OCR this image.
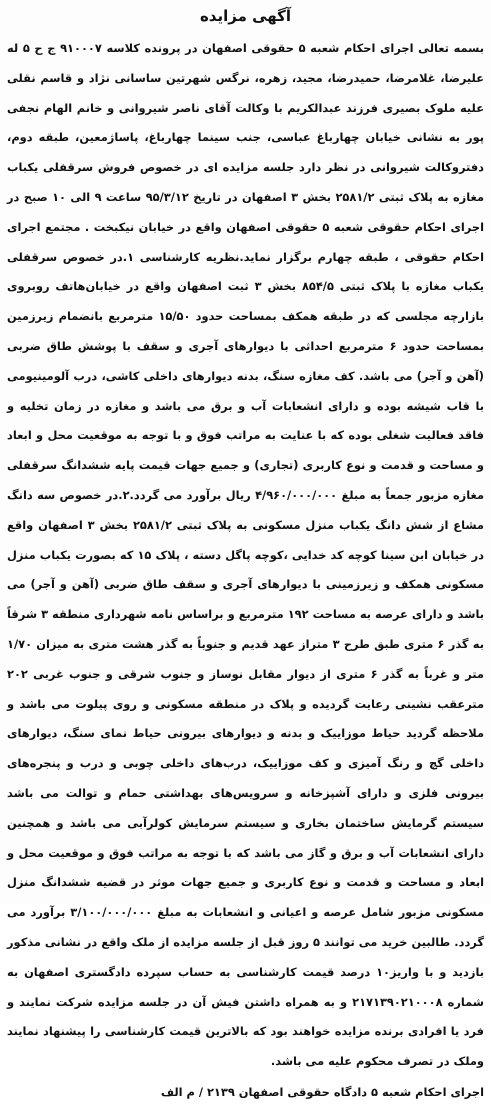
آگهی مزایده

بسمه تعالی اجرای احکام شعبه ۵ حقوقی اصفهان در پرونده کلاسه ۹۱۰۰۰۷ ج ح ۵ له علیرضا، غلامرضا، حمیدرضا، مجید، زهره، نرگس شهرتین ساسانی نژاد و قاسم نقلی علیه ملوک بصیری فرزند عبدالکریم با وکالت آقای ناصر شیروانی و خانم الهام نجفی پور به نشانی خیابان چهارباغ عباسی، جنب سینما چهارباغ، پاساژمعین، طبقه دوم، دفتروکالت شیروانی در نظر دارد جلسه مزایده ای در خصوص فروش سرقفلی یکباب مغازه به پلاک ثبتی ۲۵۸۱/۲ بخش ۳ اصفهان در تاریخ ۹۵/۳/۱۲ ساعت ۹ الی ۱۰ صبح در اجرای احکام حقوقی شعبه ۵ حقوقی اصفهان واقع در خیابان نیکبخت . مجتمع اجرای احکام حقوقی ، طبقه چهارم برگزار نماید.نظریه کارشناسی ۱.در خصوص سرقفلی یکباب مغازه با پلاک ثبتی ۸۵۴/۵ بخش ۳ ثبت اصفهان واقع در خیابان‌هاتف روبروی بازارچه مجلسی که در طبقه همکف بمساحت حدود ۱۵/۵۰ مترمربع بانضمام زیرزمین بمساحت حدود ۶ مترمربع احداثی با دیوارهای آجری و سقف با پوشش طاق ضربی (آهن و آجر) می باشد. کف مغازه سنگ، بدنه دیوارهای داخلی کاشی، درب آلومینیومی با قاب شیشه بوده و دارای انشعابات آب و برق می باشد و مغازه در زمان تخلیه و فاقد فعالیت شغلی بوده که با عنایت به مراتب فوق و با توجه به موقعیت محل و ابعاد و مساحت و قدمت و نوع کاربری (تجاری) و جمیع جهات قیمت پایه ششدانگ سرقفلی مغازه مزبور جمعاً به مبلغ ۴/۹۶۰/۰۰۰/۰۰۰ ریال برآورد می گردد.۲.در خصوص سه دانگ مشاع از شش دانگ یکباب منزل مسکونی به پلاک ثبتی ۲۵۸۱/۲ بخش ۳ اصفهان واقع در خیابان ابن سینا کوچه کد خدایی ،کوچه پاگل دسته ، پلاک ۱۵ که بصورت یکباب منزل مسکونی همکف و زیرزمینی با دیوارهای آجری و سقف طاق ضربی (آهن و آجر) می باشد و دارای عرصه به مساحت ۱۹۲ مترمربع و براساس نامه شهرداری منطقه ۳ شرقاً به گذر ۶ متری طبق طرح ۳ متراز عهد قدیم و جنوباً به گذر هشت متری به میزان ۱/۷۰ متر و غرباً به گذر ۶ متری از دیوار مقابل نوساز و جنوب شرقی و جنوب غربی ۲۰۲ مترعقب نشینی رعایت گردیده و پلاک در منطقه مسکونی و روی پیلوت می باشد و ملاحظه گردید حیاط موزاییک و بدنه و دیوارهای بیرونی حیاط نمای سنگ، دیوارهای داخلی گچ و رنگ آمیزی و کف موزاییک، درب‌های داخلی چوبی و درب و پنجره‌های بیرونی فلزی و دارای آشپزخانه و سرویس‌های بهداشتی حمام و توالت می باشد سیستم گرمایش ساختمان بخاری و سیستم سرمایش کولر‌آبی می باشد و همچنین دارای انشعابات آب و برق و گاز می باشد که با توجه به مراتب فوق و موقعیت محل و ابعاد و مساحت و قدمت و نوع کاربری و جمیع جهات موثر در قضیه ششدانگ منزل مسکونی مزبور شامل عرصه و اعیانی و انشعابات به مبلغ ۳/۱۰۰/۰۰۰/۰۰۰ برآورد می گردد. طالبین خرید می توانند ۵ روز قبل از جلسه مزایده از ملک واقع در نشانی مذکور بازدید و با واریز۱۰ درصد قیمت کارشناسی به حساب سپرده دادگستری اصفهان به شماره ۲۱۷۱۳۹۰۲۱۰۰۰۸ و به همراه داشتن فیش آن در جلسه مزایده شرکت نمایند و فرد یا افرادی برنده مزایده خواهند بود که بالاترین قیمت کارشناسی را پیشنهاد نمایند وملک در تصرف محکوم علیه می باشد.

اجرای احکام شعبه ۵ دادگاه حقوقی اصفهان ۲۱۳۹ / م الف
